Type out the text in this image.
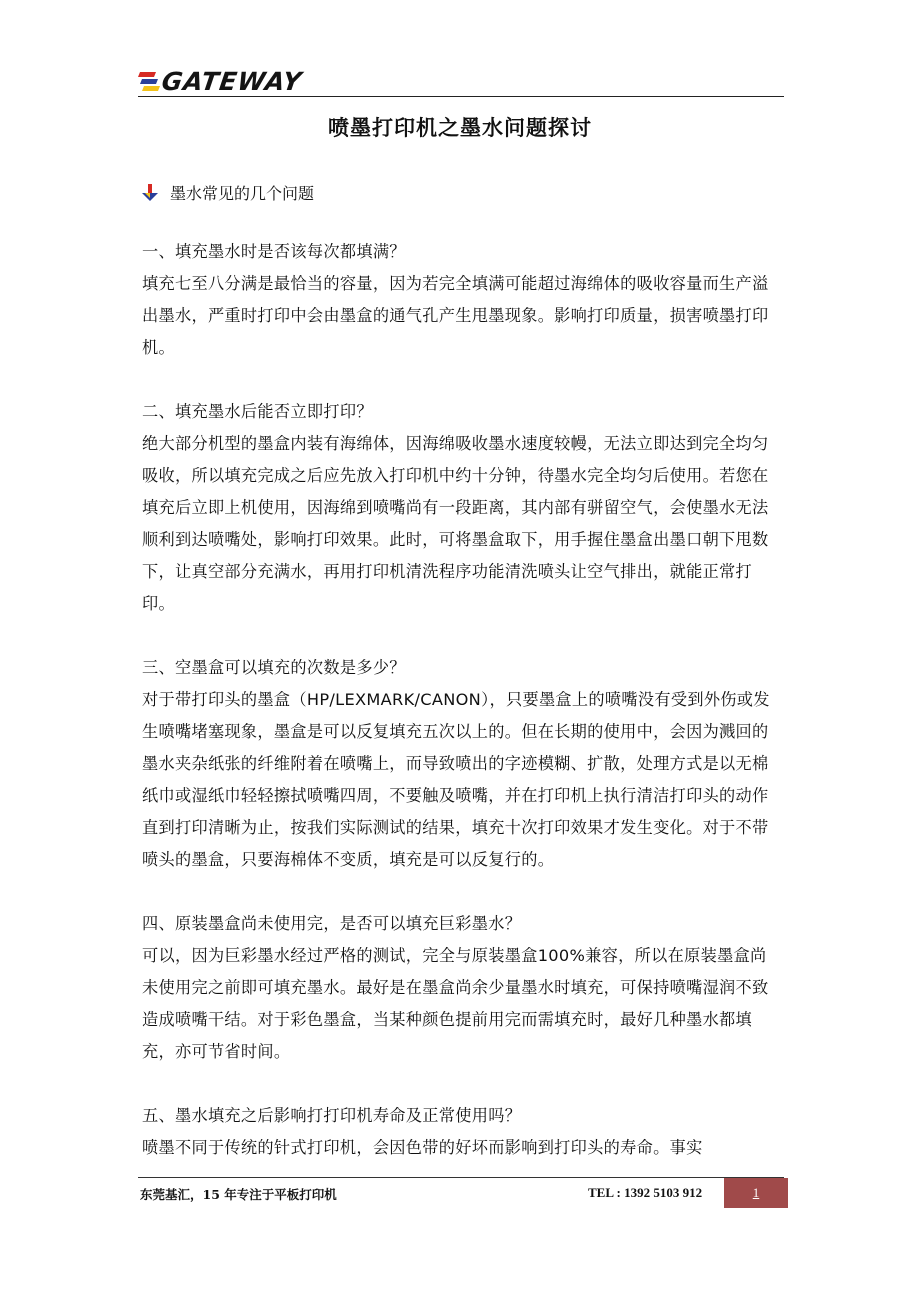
GATEWAY
喷墨打印机之墨水问题探讨
墨水常见的几个问题

一、填充墨水时是否该每次都填满？

填充七至八分满是最恰当的容量，因为若完全填满可能超过海绵体的吸收容量而生产溢出墨水，严重时打印中会由墨盒的通气孔产生甩墨现象。影响打印质量，损害喷墨打印机。

二、填充墨水后能否立即打印？

绝大部分机型的墨盒内装有海绵体，因海绵吸收墨水速度较幔，无法立即达到完全均匀吸收，所以填充完成之后应先放入打印机中约十分钟，待墨水完全均匀后使用。若您在填充后立即上机使用，因海绵到喷嘴尚有一段距离，其内部有骈留空气，会使墨水无法顺利到达喷嘴处，影响打印效果。此时，可将墨盒取下，用手握住墨盒出墨口朝下甩数下，让真空部分充满水，再用打印机清洗程序功能清洗喷头让空气排出，就能正常打印。

三、空墨盒可以填充的次数是多少？

对于带打印头的墨盒（HP/LEXMARK/CANON），只要墨盒上的喷嘴没有受到外伤或发生喷嘴堵塞现象，墨盒是可以反复填充五次以上的。但在长期的使用中，会因为溅回的墨水夹杂纸张的纤维附着在喷嘴上，而导致喷出的字迹模糊、扩散，处理方式是以无棉纸巾或湿纸巾轻轻擦拭喷嘴四周，不要触及喷嘴，并在打印机上执行清洁打印头的动作直到打印清晰为止，按我们实际测试的结果，填充十次打印效果才发生变化。对于不带喷头的墨盒，只要海棉体不变质，填充是可以反复行的。

四、原装墨盒尚未使用完，是否可以填充巨彩墨水？

可以，因为巨彩墨水经过严格的测试，完全与原装墨盒100%兼容，所以在原装墨盒尚未使用完之前即可填充墨水。最好是在墨盒尚余少量墨水时填充，可保持喷嘴湿润不致造成喷嘴干结。对于彩色墨盒，当某种颜色提前用完而需填充时，最好几种墨水都填充，亦可节省时间。

五、墨水填充之后影响打打印机寿命及正常使用吗？

喷墨不同于传统的针式打印机，会因色带的好坏而影响到打印头的寿命。事实

东莞基汇，15 年专注于平板打印机	TEL : 1392 5103 912	1
